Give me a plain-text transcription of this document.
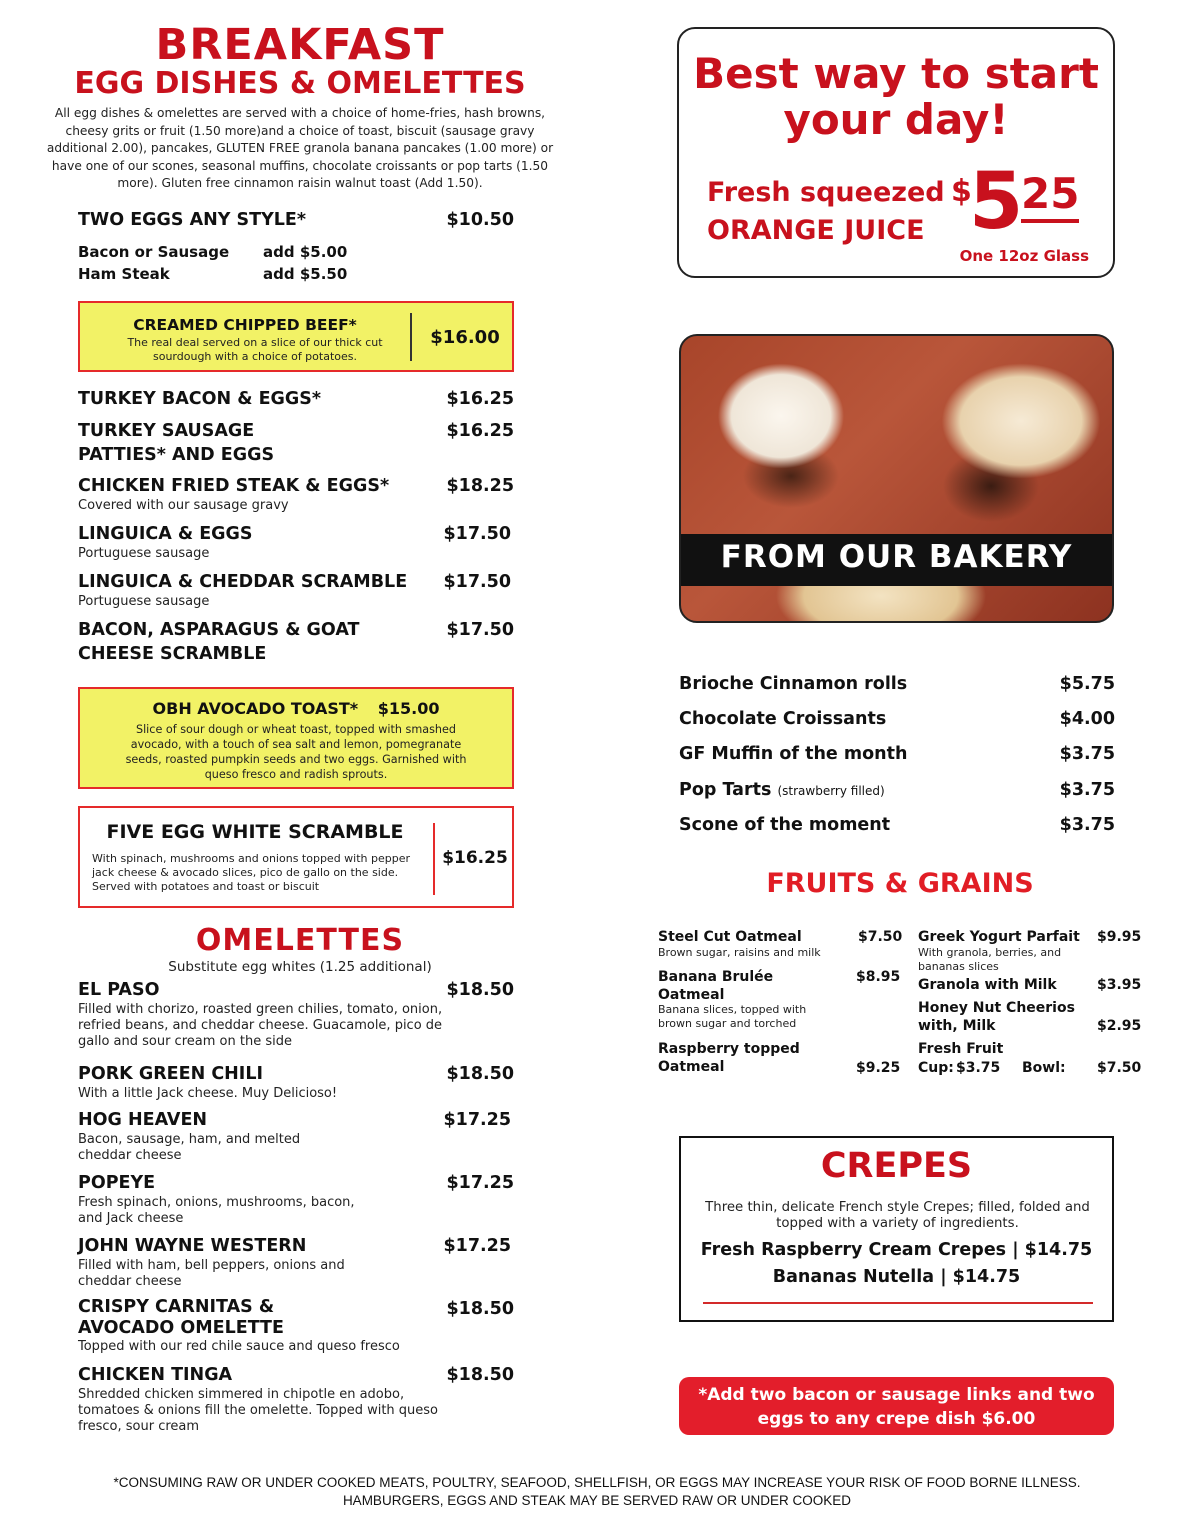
BREAKFAST
EGG DISHES & OMELETTES
All egg dishes & omelettes are served with a choice of home-fries, hash browns, cheesy grits or fruit (1.50 more)and a choice of toast, biscuit (sausage gravy additional 2.00), pancakes, GLUTEN FREE granola banana pancakes (1.00 more) or have one of our scones, seasonal muffins, chocolate croissants or pop tarts (1.50 more). Gluten free cinnamon raisin walnut toast (Add 1.50).
TWO EGGS ANY STYLE*	$10.50
Bacon or Sausage add $5.00
Ham Steak	add $5.50
CREAMED CHIPPED BEEF*
The real deal served on a slice of our thick cut sourdough with a choice of potatoes.
$16.00
TURKEY BACON & EGGS*	$16.25
TURKEY SAUSAGE PATTIES* AND EGGS
$16.25
CHICKEN FRIED STEAK & EGGS*
Covered with our sausage gravy
$18.25
LINGUICA & EGGS
Portuguese sausage
$17.50
LINGUICA & CHEDDAR SCRAMBLE
Portuguese sausage
$17.50
BACON, ASPARAGUS & GOAT CHEESE SCRAMBLE
$17.50
OBH AVOCADO TOAST* $15.00
Slice of sour dough or wheat toast, topped with smashed avocado, with a touch of sea salt and lemon, pomegranate seeds, roasted pumpkin seeds and two eggs. Garnished with queso fresco and radish sprouts.
FIVE EGG WHITE SCRAMBLE
With spinach, mushrooms and onions topped with pepper jack cheese & avocado slices, pico de gallo on the side. Served with potatoes and toast or biscuit
$16.25
OMELETTES
Substitute egg whites (1.25 additional)
EL PASO
Filled with chorizo, roasted green chilies, tomato, onion, refried beans, and cheddar cheese. Guacamole, pico de gallo and sour cream on the side
$18.50
PORK GREEN CHILI
With a little Jack cheese. Muy Delicioso!
$18.50
HOG HEAVEN
Bacon, sausage, ham, and melted cheddar cheese
$17.25
POPEYE
Fresh spinach, onions, mushrooms, bacon, and Jack cheese
$17.25
JOHN WAYNE WESTERN
Filled with ham, bell peppers, onions and cheddar cheese
$17.25
CRISPY CARNITAS & AVOCADO OMELETTE
Topped with our red chile sauce and queso fresco
$18.50
CHICKEN TINGA
Shredded chicken simmered in chipotle en adobo, tomatoes & onions fill the omelette. Topped with queso fresco, sour cream
$18.50
Best way to start your day!
Fresh squeezed
ORANGE JUICE
$
5
25
One 12oz Glass
FROM OUR BAKERY
Brioche Cinnamon rolls	$5.75
Chocolate Croissants	$4.00
GF Muffin of the month	$3.75
Pop Tarts (strawberry filled)	$3.75
Scone of the moment	$3.75
FRUITS & GRAINS
Steel Cut Oatmeal
Brown sugar, raisins and milk
$7.50
Banana Brulée Oatmeal
Banana slices, topped with brown sugar and torched
$8.95
Raspberry topped Oatmeal	$9.25
Greek Yogurt Parfait
With granola, berries, and bananas slices
$9.95
Granola with Milk	$3.95
Honey Nut Cheerios with, Milk	$2.95
Fresh Fruit
Cup: $3.75 Bowl: $7.50
CREPES
Three thin, delicate French style Crepes; filled, folded and topped with a variety of ingredients.
Fresh Raspberry Cream Crepes | $14.75
Bananas Nutella | $14.75
*Add two bacon or sausage links and two eggs to any crepe dish $6.00
*CONSUMING RAW OR UNDER COOKED MEATS, POULTRY, SEAFOOD, SHELLFISH, OR EGGS MAY INCREASE YOUR RISK OF FOOD BORNE ILLNESS.
HAMBURGERS, EGGS AND STEAK MAY BE SERVED RAW OR UNDER COOKED
